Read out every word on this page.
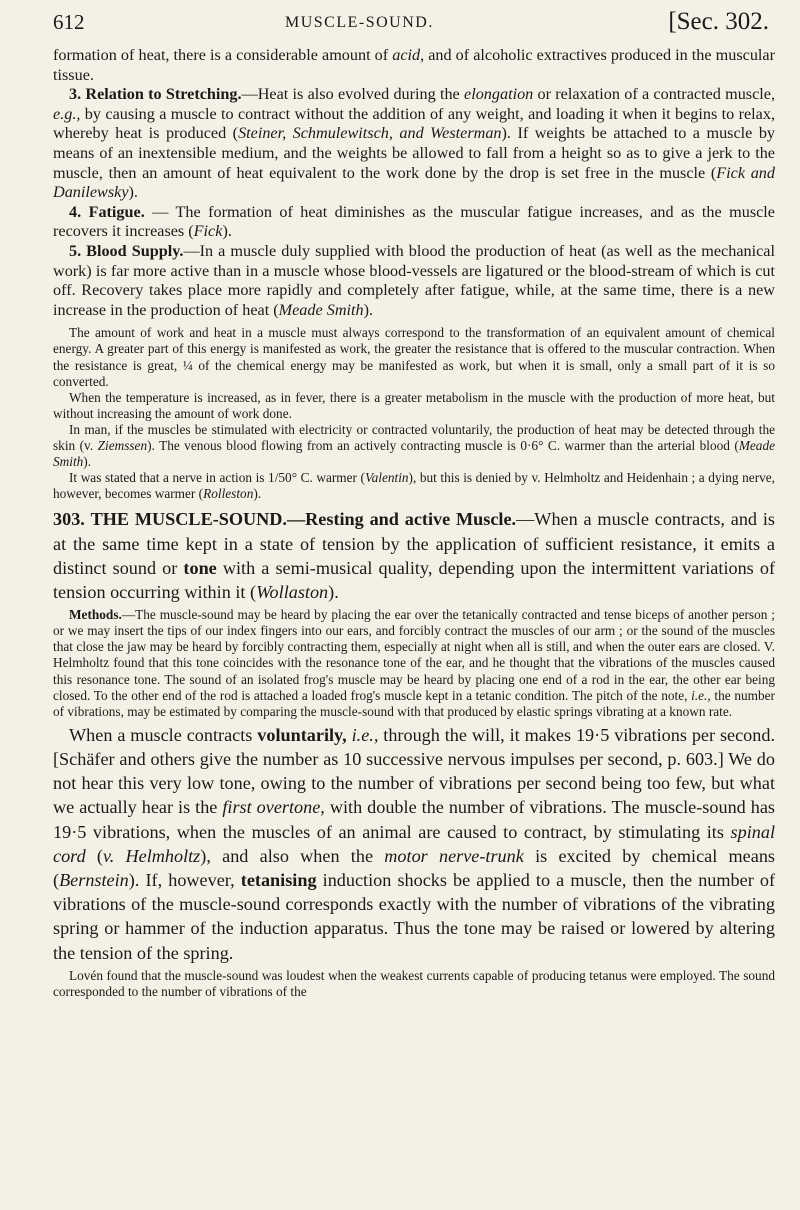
612	MUSCLE-SOUND.	[Sec. 302.

formation of heat, there is a considerable amount of acid, and of alcoholic extractives produced in the muscular tissue.

3. Relation to Stretching.—Heat is also evolved during the elongation or relaxation of a contracted muscle, e.g., by causing a muscle to contract without the addition of any weight, and loading it when it begins to relax, whereby heat is produced (Steiner, Schmulewitsch, and Westerman). If weights be attached to a muscle by means of an inextensible medium, and the weights be allowed to fall from a height so as to give a jerk to the muscle, then an amount of heat equivalent to the work done by the drop is set free in the muscle (Fick and Danilewsky).

4. Fatigue. — The formation of heat diminishes as the muscular fatigue increases, and as the muscle recovers it increases (Fick).

5. Blood Supply.—In a muscle duly supplied with blood the production of heat (as well as the mechanical work) is far more active than in a muscle whose blood-vessels are ligatured or the blood-stream of which is cut off. Recovery takes place more rapidly and completely after fatigue, while, at the same time, there is a new increase in the production of heat (Meade Smith).

The amount of work and heat in a muscle must always correspond to the transformation of an equivalent amount of chemical energy. A greater part of this energy is manifested as work, the greater the resistance that is offered to the muscular contraction. When the resistance is great, ¼ of the chemical energy may be manifested as work, but when it is small, only a small part of it is so converted.

When the temperature is increased, as in fever, there is a greater metabolism in the muscle with the production of more heat, but without increasing the amount of work done.

In man, if the muscles be stimulated with electricity or contracted voluntarily, the production of heat may be detected through the skin (v. Ziemssen). The venous blood flowing from an actively contracting muscle is 0·6° C. warmer than the arterial blood (Meade Smith).

It was stated that a nerve in action is 1/50° C. warmer (Valentin), but this is denied by v. Helmholtz and Heidenhain ; a dying nerve, however, becomes warmer (Rolleston).

303. THE MUSCLE-SOUND.—Resting and active Muscle.—When a muscle contracts, and is at the same time kept in a state of tension by the application of sufficient resistance, it emits a distinct sound or tone with a semi-musical quality, depending upon the intermittent variations of tension occurring within it (Wollaston).

Methods.—The muscle-sound may be heard by placing the ear over the tetanically contracted and tense biceps of another person ; or we may insert the tips of our index fingers into our ears, and forcibly contract the muscles of our arm ; or the sound of the muscles that close the jaw may be heard by forcibly contracting them, especially at night when all is still, and when the outer ears are closed. V. Helmholtz found that this tone coincides with the resonance tone of the ear, and he thought that the vibrations of the muscles caused this resonance tone. The sound of an isolated frog's muscle may be heard by placing one end of a rod in the ear, the other ear being closed. To the other end of the rod is attached a loaded frog's muscle kept in a tetanic condition. The pitch of the note, i.e., the number of vibrations, may be estimated by comparing the muscle-sound with that produced by elastic springs vibrating at a known rate.

When a muscle contracts voluntarily, i.e., through the will, it makes 19·5 vibrations per second. [Schäfer and others give the number as 10 successive nervous impulses per second, p. 603.] We do not hear this very low tone, owing to the number of vibrations per second being too few, but what we actually hear is the first overtone, with double the number of vibrations. The muscle-sound has 19·5 vibrations, when the muscles of an animal are caused to contract, by stimulating its spinal cord (v. Helmholtz), and also when the motor nerve-trunk is excited by chemical means (Bernstein). If, however, tetanising induction shocks be applied to a muscle, then the number of vibrations of the muscle-sound corresponds exactly with the number of vibrations of the vibrating spring or hammer of the induction apparatus. Thus the tone may be raised or lowered by altering the tension of the spring.

Lovén found that the muscle-sound was loudest when the weakest currents capable of producing tetanus were employed. The sound corresponded to the number of vibrations of the
